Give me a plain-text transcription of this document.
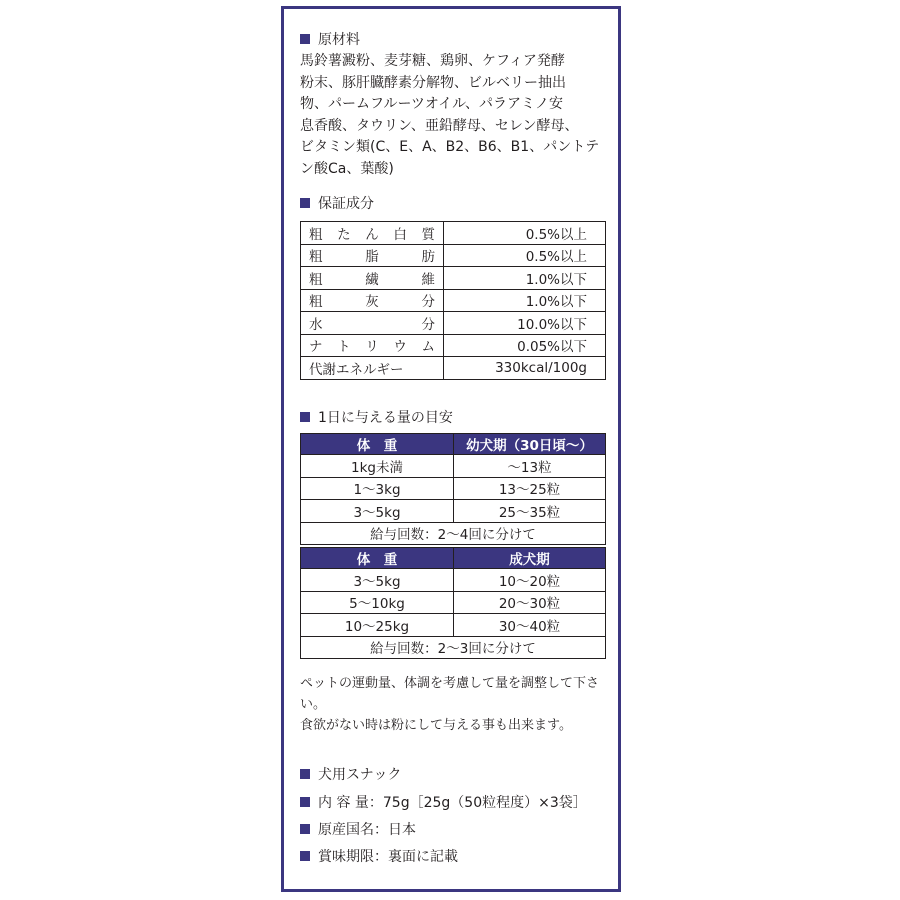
原材料
馬鈴薯澱粉、麦芽糖、鶏卵、ケフィア発酵
粉末、豚肝臓酵素分解物、ビルベリー抽出
物、パームフルーツオイル、パラアミノ安
息香酸、タウリン、亜鉛酵母、セレン酵母、
ビタミン類(C、E、A、B2、B6、B1、パントテ
ン酸Ca、葉酸)
保証成分
粗 た ん 白 質	0.5%以上

粗 脂 肪	0.5%以上

粗 繊 維	1.0%以下

粗 灰 分	1.0%以下

水 分	10.0%以下

ナ ト リ ウ ム	0.05%以下

代謝エネルギー	330kcal/100g
1日に与える量の目安
体　重	幼犬期（30日頃〜）
1kg未満	〜13粒
1〜3kg	13〜25粒
3〜5kg	25〜35粒
給与回数：2〜4回に分けて	
体　重	成犬期
3〜5kg	10〜20粒
5〜10kg	20〜30粒
10〜25kg	30〜40粒
給与回数：2〜3回に分けて	
ペットの運動量、体調を考慮して量を調整して下さい。
食欲がない時は粉にして与える事も出来ます。
犬用スナック
内 容 量：75g［25g（50粒程度）×3袋］
原産国名：日本
賞味期限：裏面に記載
